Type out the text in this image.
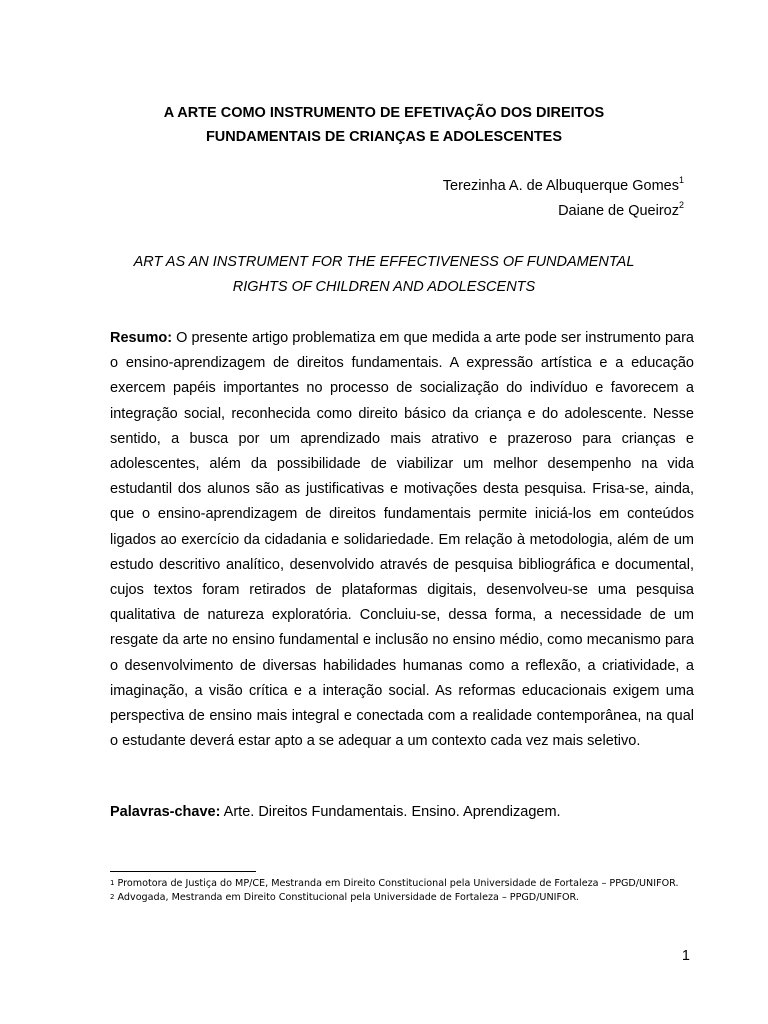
A ARTE COMO INSTRUMENTO DE EFETIVAÇÃO DOS DIREITOS
FUNDAMENTAIS DE CRIANÇAS E ADOLESCENTES
Terezinha A. de Albuquerque Gomes$^1$
Daiane de Queiroz$^2$
ART AS AN INSTRUMENT FOR THE EFFECTIVENESS OF FUNDAMENTAL
RIGHTS OF CHILDREN AND ADOLESCENTS
Resumo: O presente artigo problematiza em que medida a arte pode ser instrumento para o ensino-aprendizagem de direitos fundamentais. A expressão artística e a educação exercem papéis importantes no processo de socialização do indivíduo e favorecem a integração social, reconhecida como direito básico da criança e do adolescente. Nesse sentido, a busca por um aprendizado mais atrativo e prazeroso para crianças e adolescentes, além da possibilidade de viabilizar um melhor desempenho na vida estudantil dos alunos são as justificativas e motivações desta pesquisa. Frisa-se, ainda, que o ensino-aprendizagem de direitos fundamentais permite iniciá-los em conteúdos ligados ao exercício da cidadania e solidariedade. Em relação à metodologia, além de um estudo descritivo analítico, desenvolvido através de pesquisa bibliográfica e documental, cujos textos foram retirados de plataformas digitais, desenvolveu-se uma pesquisa qualitativa de natureza exploratória. Concluiu-se, dessa forma, a necessidade de um resgate da arte no ensino fundamental e inclusão no ensino médio, como mecanismo para o desenvolvimento de diversas habilidades humanas como a reflexão, a criatividade, a imaginação, a visão crítica e a interação social. As reformas educacionais exigem uma perspectiva de ensino mais integral e conectada com a realidade contemporânea, na qual o estudante deverá estar apto a se adequar a um contexto cada vez mais seletivo.
Palavras-chave: Arte. Direitos Fundamentais. Ensino. Aprendizagem.
$^1$ Promotora de Justiça do MP/CE, Mestranda em Direito Constitucional pela Universidade de Fortaleza – PPGD/UNIFOR.
$^2$ Advogada, Mestranda em Direito Constitucional pela Universidade de Fortaleza – PPGD/UNIFOR.
1
